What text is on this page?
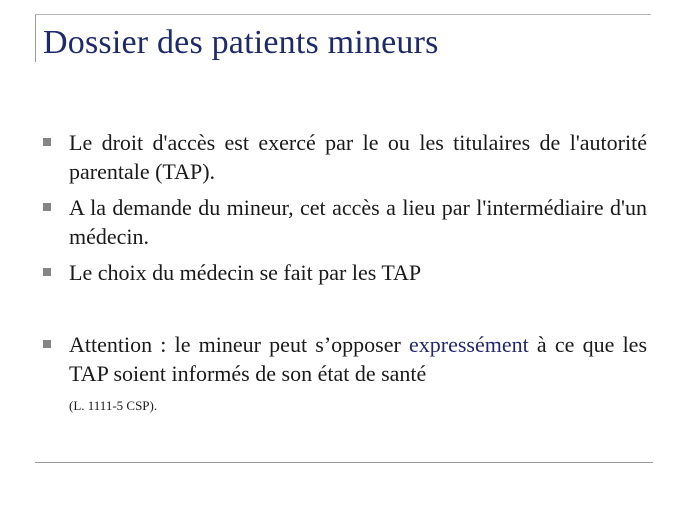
Dossier des patients mineurs
Le droit d'accès est exercé par le ou les titulaires de l'autorité parentale (TAP).
A la demande du mineur, cet accès a lieu par l'intermédiaire d'un médecin.
Le choix du médecin se fait par les TAP
Attention : le mineur peut s’opposer expressément à ce que les TAP soient informés de son état de santé
(L. 1111-5 CSP).
